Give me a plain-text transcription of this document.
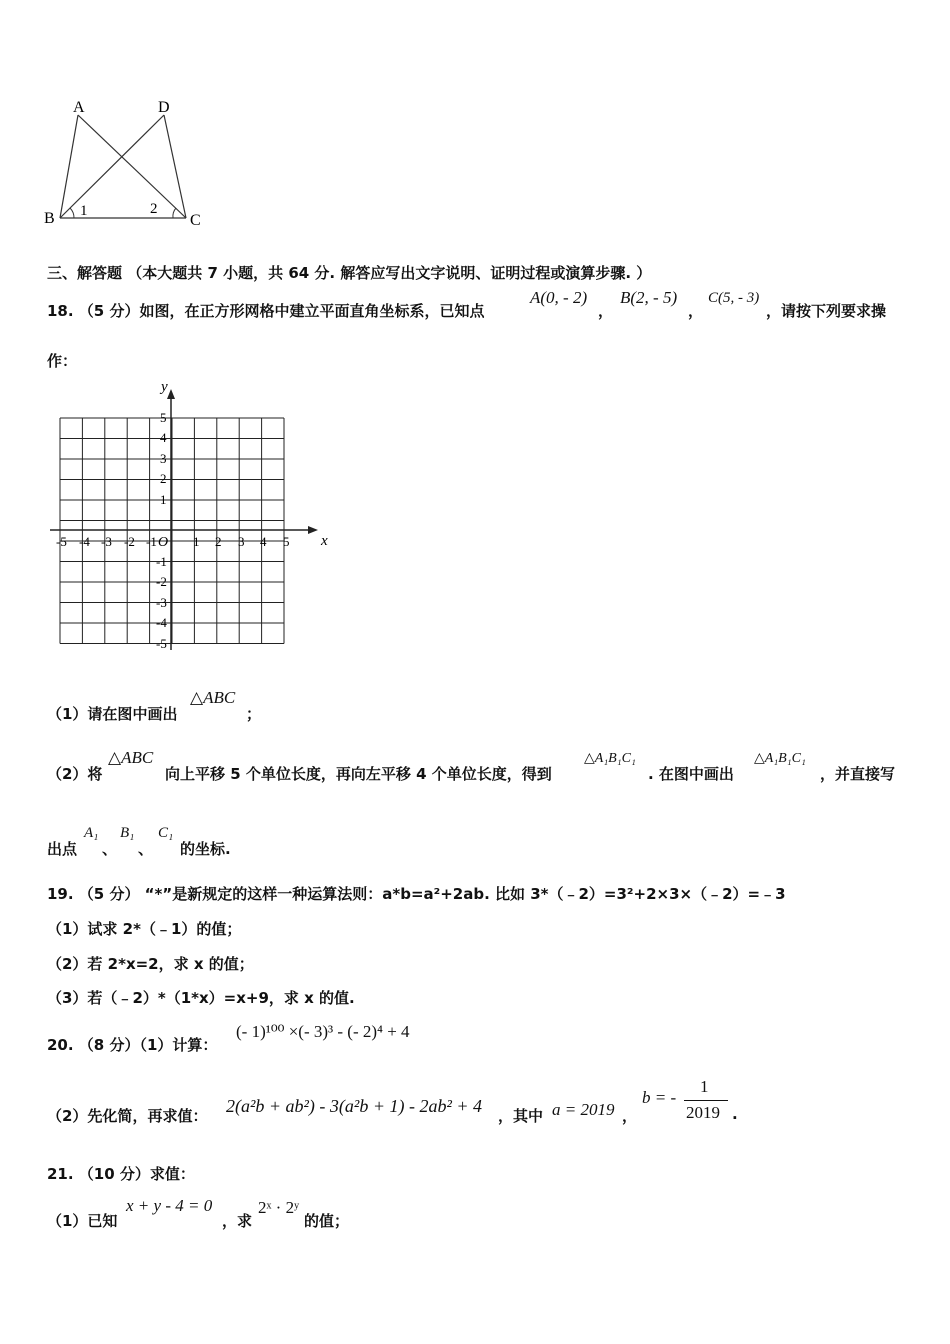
A	D
B	C
1	2
三、解答题 （本大题共 7 小题，共 64 分. 解答应写出文字说明、证明过程或演算步骤. ）
18. （5 分）如图，在正方形网格中建立平面直角坐标系，已知点
A(0, - 2)
，
B(2, - 5)
，
C(5, - 3)
，请按下列要求操
作：
x
y
O
-5 -4 -3 -2 -1	1 2 3 4 5
5
4
3
2
1
-1
-2
-3
-4
-5
（1）请在图中画出
△ABC
；
（2）将
△ABC
向上平移 5 个单位长度，再向左平移 4 个单位长度，得到
△A₁B₁C₁
. 在图中画出
△A₁B₁C₁
，并直接写
出点
A₁
、
B₁
、
C₁
的坐标.
19. （5 分） “*”是新规定的这样一种运算法则：a*b=a²+2ab. 比如 3*（﹣2）=3²+2×3×（﹣2）=﹣3
（1）试求 2*（﹣1）的值；
（2）若 2*x=2，求 x 的值；
（3）若（﹣2）*（1*x）=x+9，求 x 的值.
20. （8 分）（1）计算：
(- 1)¹⁰⁰ ×(- 3)³ - (- 2)⁴ + 4
（2）先化简，再求值： 2(a²b + ab²) - 3(a²b + 1) - 2ab² + 4 ，其中 a = 2019 ，
b = -
1
2019 .
21. （10 分）求值：
（1）已知
x + y - 4 = 0
，求
2ˣ · 2ʸ
的值；
